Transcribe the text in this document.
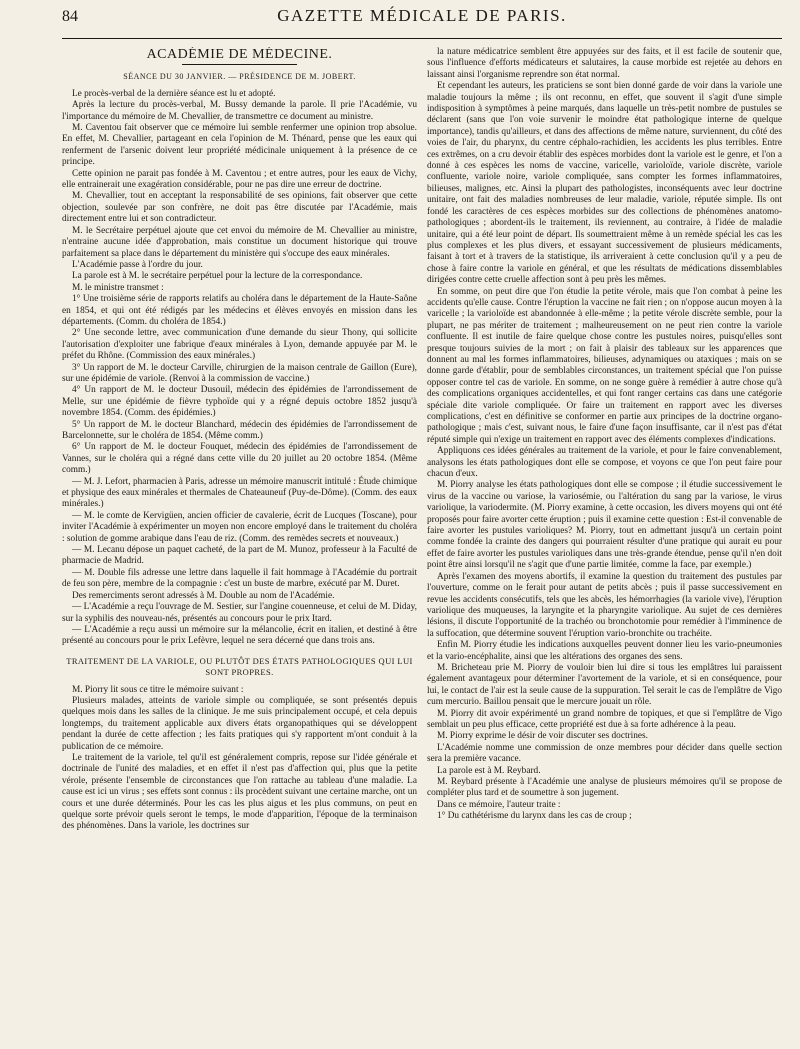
84	GAZETTE MÉDICALE DE PARIS.

ACADÉMIE DE MÉDECINE.

SÉANCE DU 30 JANVIER. — PRÉSIDENCE DE M. JOBERT.

Le procès-verbal de la dernière séance est lu et adopté.

Après la lecture du procès-verbal, M. Bussy demande la parole. Il prie l'Académie, vu l'importance du mémoire de M. Chevallier, de transmettre ce document au ministre.

M. Caventou fait observer que ce mémoire lui semble renfermer une opinion trop absolue. En effet, M. Chevallier, partageant en cela l'opinion de M. Thénard, pense que les eaux qui renferment de l'arsenic doivent leur propriété médicinale uniquement à la présence de ce principe.

Cette opinion ne parait pas fondée à M. Caventou ; et entre autres, pour les eaux de Vichy, elle entrainerait une exagération considérable, pour ne pas dire une erreur de doctrine.

M. Chevallier, tout en acceptant la responsabilité de ses opinions, fait observer que cette objection, soulevée par son confrère, ne doit pas être discutée par l'Académie, mais directement entre lui et son contradicteur.

M. le Secrétaire perpétuel ajoute que cet envoi du mémoire de M. Chevallier au ministre, n'entraine aucune idée d'approbation, mais constitue un document historique qui trouve parfaitement sa place dans le département du ministère qui s'occupe des eaux minérales.

L'Académie passe à l'ordre du jour.

La parole est à M. le secrétaire perpétuel pour la lecture de la correspondance.

M. le ministre transmet :

1° Une troisième série de rapports relatifs au choléra dans le département de la Haute-Saône en 1854, et qui ont été rédigés par les médecins et élèves envoyés en mission dans les départements. (Comm. du choléra de 1854.)

2° Une seconde lettre, avec communication d'une demande du sieur Thony, qui sollicite l'autorisation d'exploiter une fabrique d'eaux minérales à Lyon, demande appuyée par M. le préfet du Rhône. (Commission des eaux minérales.)

3° Un rapport de M. le docteur Carville, chirurgien de la maison centrale de Gaillon (Eure), sur une épidémie de variole. (Renvoi à la commission de vaccine.)

4° Un rapport de M. le docteur Dusouil, médecin des épidémies de l'arrondissement de Melle, sur une épidémie de fièvre typhoïde qui y a régné depuis octobre 1852 jusqu'à novembre 1854. (Comm. des épidémies.)

5° Un rapport de M. le docteur Blanchard, médecin des épidémies de l'arrondissement de Barcelonnette, sur le choléra de 1854. (Même comm.)

6° Un rapport de M. le docteur Fouquet, médecin des épidémies de l'arrondissement de Vannes, sur le choléra qui a régné dans cette ville du 20 juillet au 20 octobre 1854. (Même comm.)

— M. J. Lefort, pharmacien à Paris, adresse un mémoire manuscrit intitulé : Étude chimique et physique des eaux minérales et thermales de Chateauneuf (Puy-de-Dôme). (Comm. des eaux minérales.)

— M. le comte de Kervigüen, ancien officier de cavalerie, écrit de Lucques (Toscane), pour inviter l'Académie à expérimenter un moyen non encore employé dans le traitement du choléra : solution de gomme arabique dans l'eau de riz. (Comm. des remèdes secrets et nouveaux.)

— M. Lecanu dépose un paquet cacheté, de la part de M. Munoz, professeur à la Faculté de pharmacie de Madrid.

— M. Double fils adresse une lettre dans laquelle il fait hommage à l'Académie du portrait de feu son père, membre de la compagnie : c'est un buste de marbre, exécuté par M. Duret.

Des remerciments seront adressés à M. Double au nom de l'Académie.

— L'Académie a reçu l'ouvrage de M. Sestier, sur l'angine couenneuse, et celui de M. Diday, sur la syphilis des nouveau-nés, présentés au concours pour le prix Itard.

— L'Académie a reçu aussi un mémoire sur la mélancolie, écrit en italien, et destiné à être présenté au concours pour le prix Lefèvre, lequel ne sera décerné que dans trois ans.

TRAITEMENT DE LA VARIOLE, OU PLUTÔT DES ÉTATS PATHOLOGIQUES QUI LUI SONT PROPRES.

M. Piorry lit sous ce titre le mémoire suivant :

Plusieurs malades, atteints de variole simple ou compliquée, se sont présentés depuis quelques mois dans les salles de la clinique. Je me suis principalement occupé, et cela depuis longtemps, du traitement applicable aux divers états organopathiques qui se développent pendant la durée de cette affection ; les faits pratiques qui s'y rapportent m'ont conduit à la publication de ce mémoire.

Le traitement de la variole, tel qu'il est généralement compris, repose sur l'idée générale et doctrinale de l'unité des maladies, et en effet il n'est pas d'affection qui, plus que la petite vérole, présente l'ensemble de circonstances que l'on rattache au tableau d'une maladie. La cause est ici un virus ; ses effets sont connus : ils procèdent suivant une certaine marche, ont un cours et une durée déterminés. Pour les cas les plus aigus et les plus communs, on peut en quelque sorte prévoir quels seront le temps, le mode d'apparition, l'époque de la terminaison des phénomènes. Dans la variole, les doctrines sur

la nature médicatrice semblent être appuyées sur des faits, et il est facile de soutenir que, sous l'influence d'efforts médicateurs et salutaires, la cause morbide est rejetée au dehors en laissant ainsi l'organisme reprendre son état normal.

Et cependant les auteurs, les praticiens se sont bien donné garde de voir dans la variole une maladie toujours la même ; ils ont reconnu, en effet, que souvent il s'agit d'une simple indisposition à symptômes à peine marqués, dans laquelle un très-petit nombre de pustules se déclarent (sans que l'on voie survenir le moindre état pathologique interne de quelque importance), tandis qu'ailleurs, et dans des affections de même nature, surviennent, du côté des voies de l'air, du pharynx, du centre céphalo-rachidien, les accidents les plus terribles. Entre ces extrêmes, on a cru devoir établir des espèces morbides dont la variole est le genre, et l'on a donné à ces espèces les noms de vaccine, varicelle, varioloïde, variole discrète, variole confluente, variole noire, variole compliquée, sans compter les formes inflammatoires, bilieuses, malignes, etc. Ainsi la plupart des pathologistes, inconséquents avec leur doctrine unitaire, ont fait des maladies nombreuses de leur maladie, variole, réputée simple. Ils ont fondé les caractères de ces espèces morbides sur des collections de phénomènes anatomo-pathologiques ; abordent-ils le traitement, ils reviennent, au contraire, à l'idée de maladie unitaire, qui a été leur point de départ. Ils soumettraient même à un remède spécial les cas les plus complexes et les plus divers, et essayant successivement de plusieurs médicaments, faisant à tort et à travers de la statistique, ils arriveraient à cette conclusion qu'il y a peu de chose à faire contre la variole en général, et que les résultats de médications dissemblables dirigées contre cette cruelle affection sont à peu près les mêmes.

En somme, on peut dire que l'on étudie la petite vérole, mais que l'on combat à peine les accidents qu'elle cause. Contre l'éruption la vaccine ne fait rien ; on n'oppose aucun moyen à la varicelle ; la varioloïde est abandonnée à elle-même ; la petite vérole discrète semble, pour la plupart, ne pas mériter de traitement ; malheureusement on ne peut rien contre la variole confluente. Il est inutile de faire quelque chose contre les pustules noires, puisqu'elles sont presque toujours suivies de la mort ; on fait à plaisir des tableaux sur les apparences que donnent au mal les formes inflammatoires, bilieuses, adynamiques ou ataxiques ; mais on se donne garde d'établir, pour de semblables circonstances, un traitement spécial que l'on puisse opposer contre tel cas de variole. En somme, on ne songe guère à remédier à autre chose qu'à des complications organiques accidentelles, et qui font ranger certains cas dans une catégorie spéciale dite variole compliquée. Or faire un traitement en rapport avec les diverses complications, c'est en définitive se conformer en partie aux principes de la doctrine organo-pathologique ; mais c'est, suivant nous, le faire d'une façon insuffisante, car il n'est pas d'état réputé simple qui n'exige un traitement en rapport avec des éléments complexes d'indications.

Appliquons ces idées générales au traitement de la variole, et pour le faire convenablement, analysons les états pathologiques dont elle se compose, et voyons ce que l'on peut faire pour chacun d'eux.

M. Piorry analyse les états pathologiques dont elle se compose ; il étudie successivement le virus de la vaccine ou variose, la variosémie, ou l'altération du sang par la variose, le virus variolique, la variodermite. (M. Piorry examine, à cette occasion, les divers moyens qui ont été proposés pour faire avorter cette éruption ; puis il examine cette question : Est-il convenable de faire avorter les pustules varioliques? M. Piorry, tout en admettant jusqu'à un certain point comme fondée la crainte des dangers qui pourraient résulter d'une pratique qui aurait eu pour effet de faire avorter les pustules varioliques dans une très-grande étendue, pense qu'il n'en doit point être ainsi lorsqu'il ne s'agit que d'une partie limitée, comme la face, par exemple.)

Après l'examen des moyens abortifs, il examine la question du traitement des pustules par l'ouverture, comme on le ferait pour autant de petits abcès ; puis il passe successivement en revue les accidents consécutifs, tels que les abcès, les hémorrhagies (la variole vive), l'éruption variolique des muqueuses, la laryngite et la pharyngite variolique. Au sujet de ces dernières lésions, il discute l'opportunité de la trachéo ou bronchotomie pour remédier à l'imminence de la suffocation, que détermine souvent l'éruption vario-bronchite ou trachéite.

Enfin M. Piorry étudie les indications auxquelles peuvent donner lieu les vario-pneumonies et la vario-encéphalite, ainsi que les altérations des organes des sens.

M. Bricheteau prie M. Piorry de vouloir bien lui dire si tous les emplâtres lui paraissent également avantageux pour déterminer l'avortement de la variole, et si en conséquence, pour lui, le contact de l'air est la seule cause de la suppuration. Tel serait le cas de l'emplâtre de Vigo cum mercurio. Baillou pensait que le mercure jouait un rôle.

M. Piorry dit avoir expérimenté un grand nombre de topiques, et que si l'emplâtre de Vigo semblait un peu plus efficace, cette propriété est due à sa forte adhérence à la peau.

M. Piorry exprime le désir de voir discuter ses doctrines.

L'Académie nomme une commission de onze membres pour décider dans quelle section sera la première vacance.

La parole est à M. Reybard.

M. Reybard présente à l'Académie une analyse de plusieurs mémoires qu'il se propose de compléter plus tard et de soumettre à son jugement.

Dans ce mémoire, l'auteur traite :

1° Du cathétérisme du larynx dans les cas de croup ;
